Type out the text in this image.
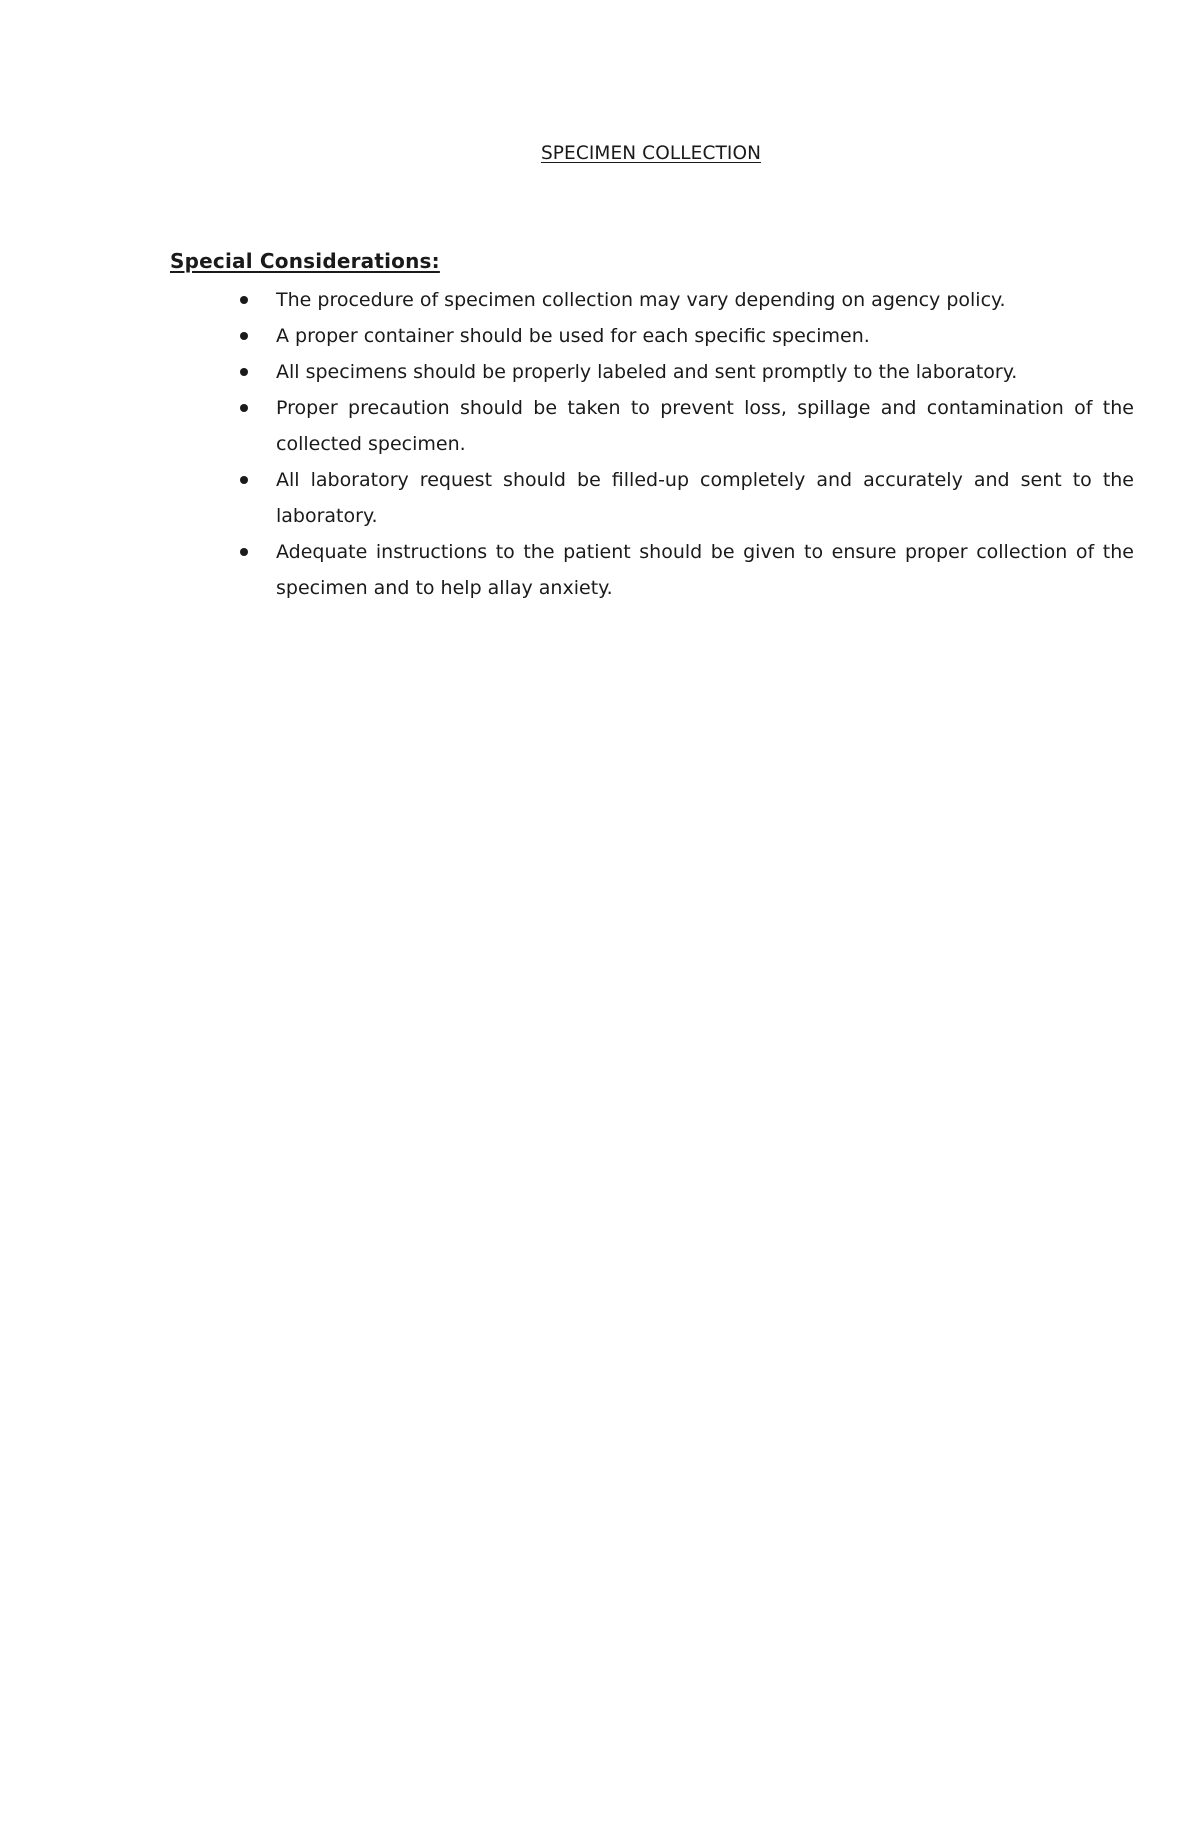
SPECIMEN COLLECTION
Special Considerations:
The procedure of specimen collection may vary depending on agency policy.
A proper container should be used for each specific specimen.
All specimens should be properly labeled and sent promptly to the laboratory.
Proper precaution should be taken to prevent loss, spillage and contamination of the collected specimen.
All laboratory request should be filled-up completely and accurately and sent to the laboratory.
Adequate instructions to the patient should be given to ensure proper collection of the specimen and to help allay anxiety.
